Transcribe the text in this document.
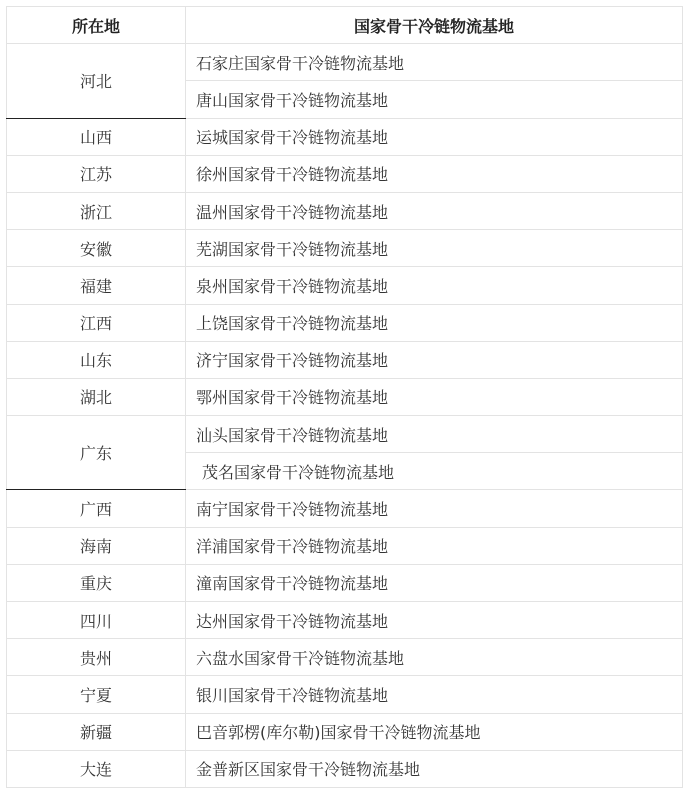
所在地	国家骨干冷链物流基地
河北	石家庄国家骨干冷链物流基地
	唐山国家骨干冷链物流基地
山西	运城国家骨干冷链物流基地
江苏	徐州国家骨干冷链物流基地
浙江	温州国家骨干冷链物流基地
安徽	芜湖国家骨干冷链物流基地
福建	泉州国家骨干冷链物流基地
江西	上饶国家骨干冷链物流基地
山东	济宁国家骨干冷链物流基地
湖北	鄂州国家骨干冷链物流基地
广东	汕头国家骨干冷链物流基地
	茂名国家骨干冷链物流基地
广西	南宁国家骨干冷链物流基地
海南	洋浦国家骨干冷链物流基地
重庆	潼南国家骨干冷链物流基地
四川	达州国家骨干冷链物流基地
贵州	六盘水国家骨干冷链物流基地
宁夏	银川国家骨干冷链物流基地
新疆	巴音郭楞(库尔勒)国家骨干冷链物流基地
大连	金普新区国家骨干冷链物流基地
